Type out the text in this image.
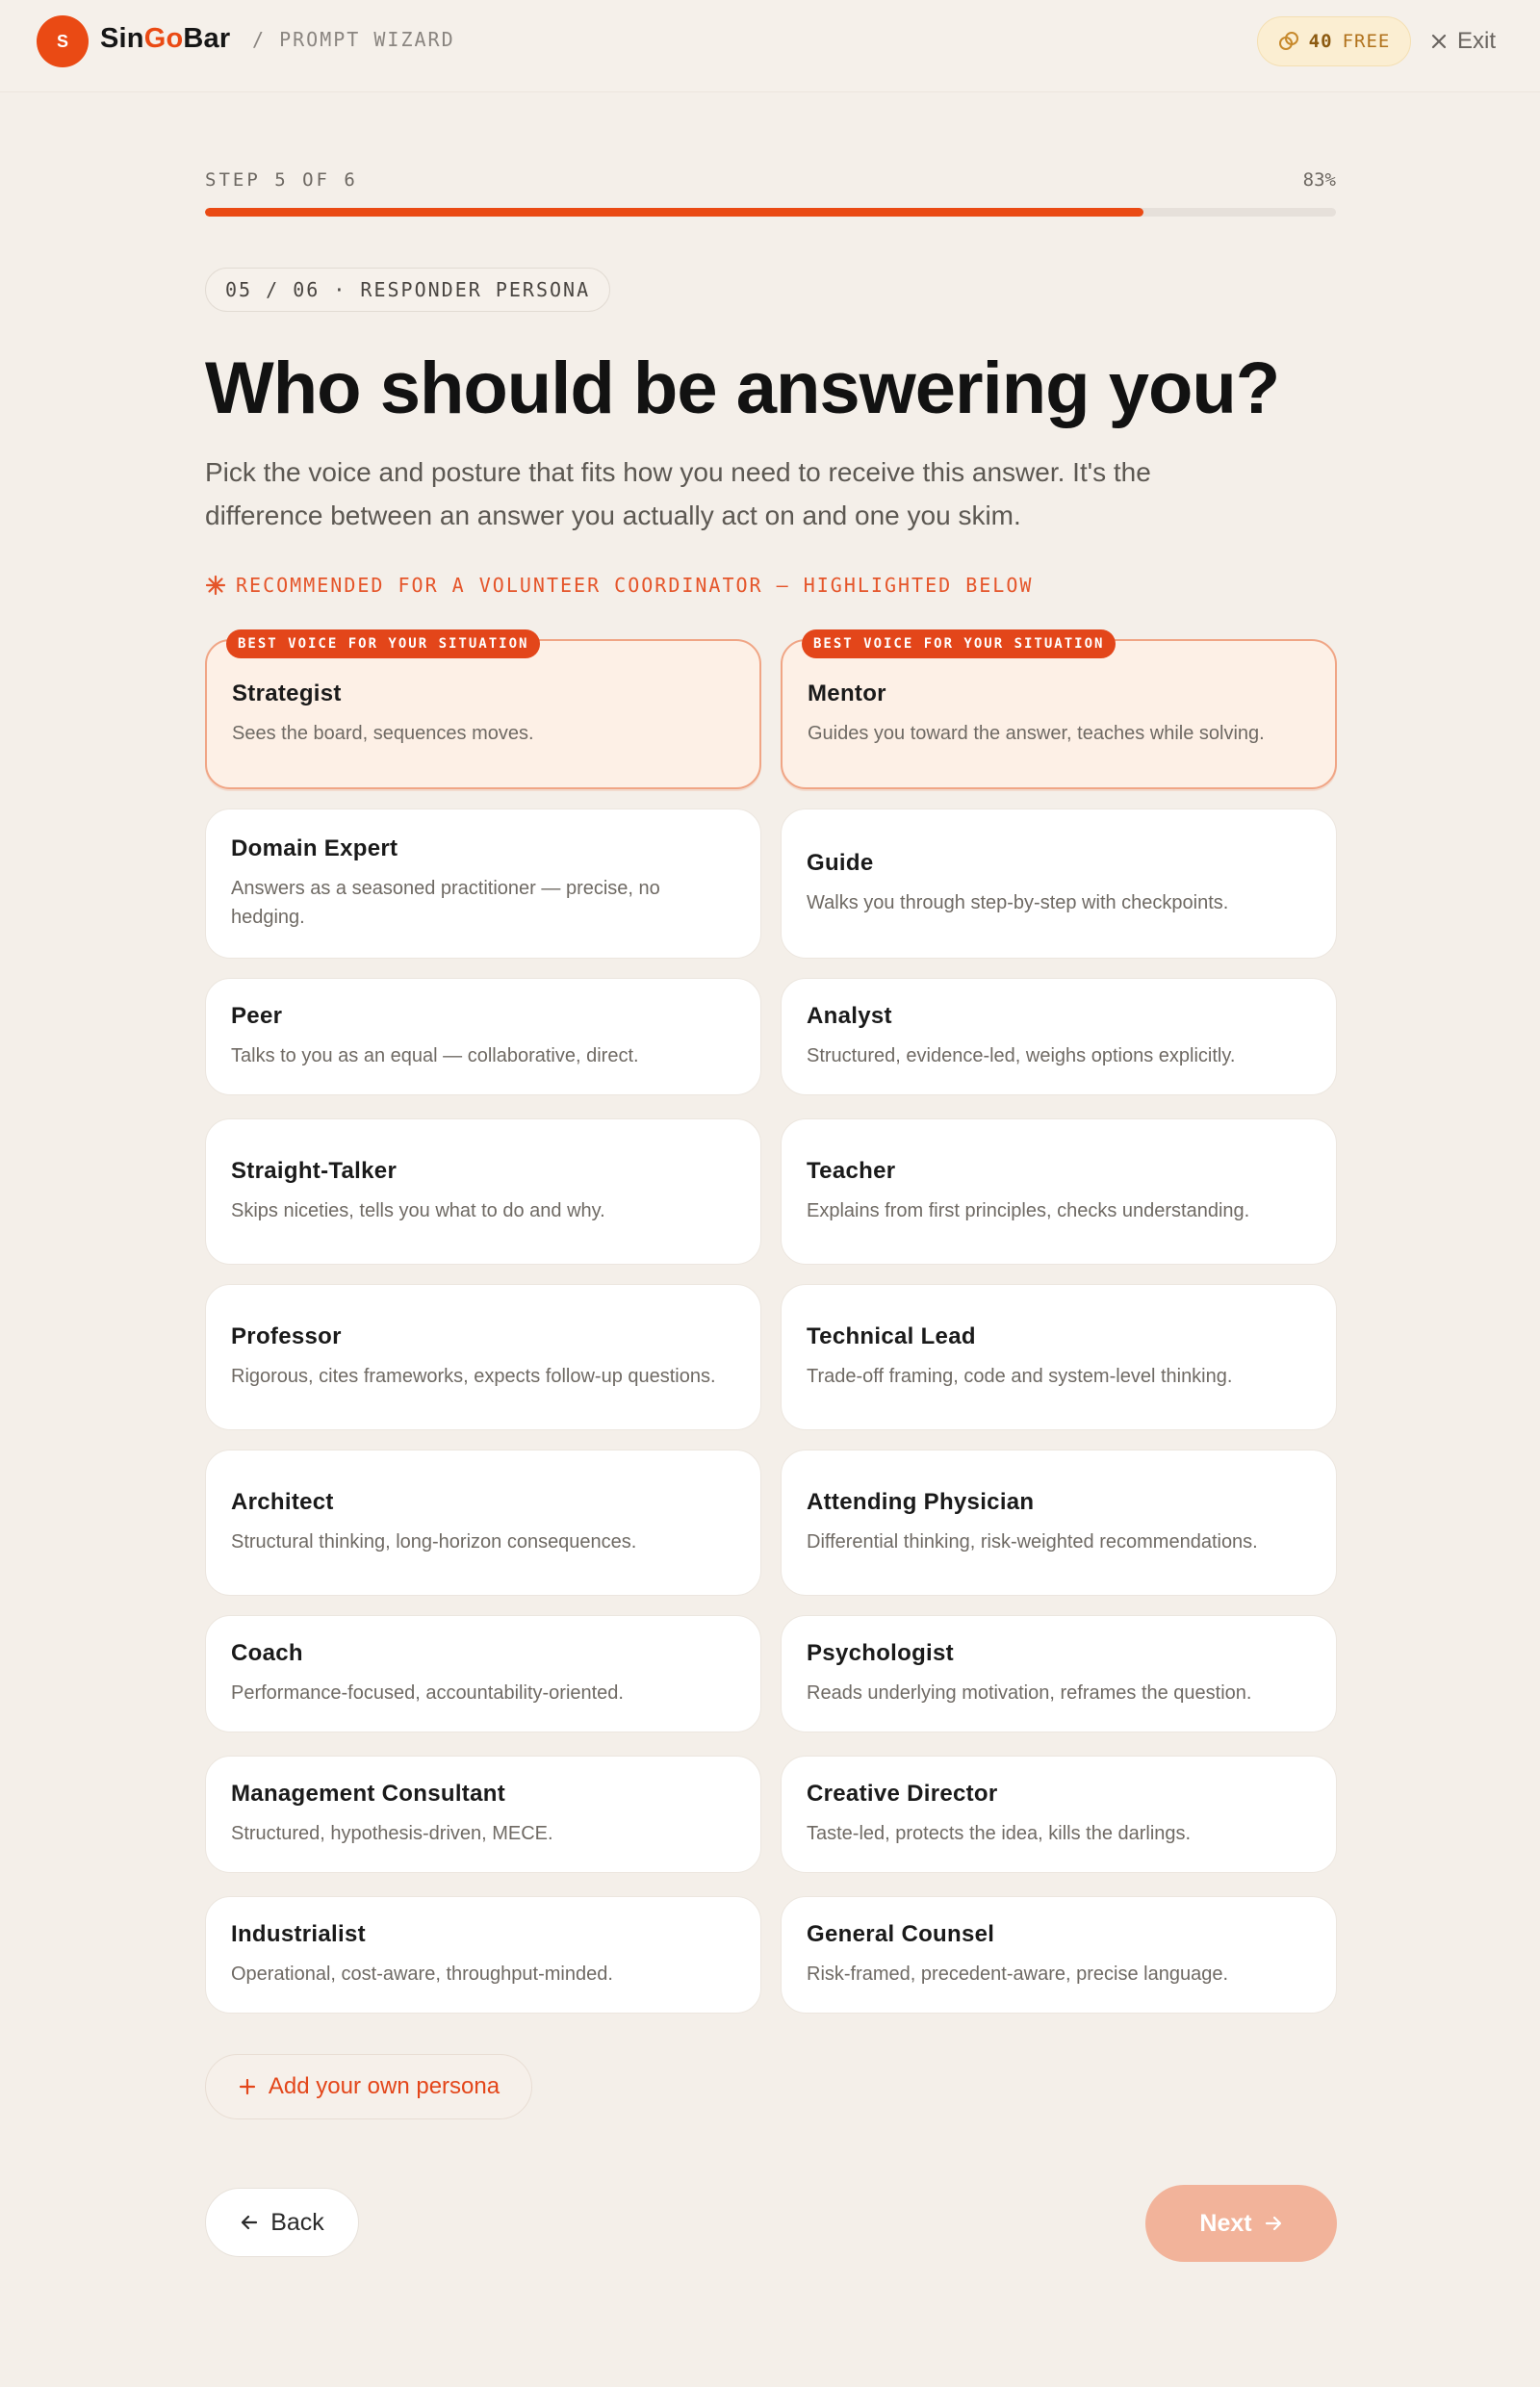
S SinGoBar / PROMPT WIZARD	40 FREE	Exit
STEP 5 OF 6	83%
05 / 06 · RESPONDER PERSONA
Who should be answering you?

Pick the voice and posture that fits how you need to receive this answer. It's the difference between an answer you actually act on and one you skim.

RECOMMENDED FOR A VOLUNTEER COORDINATOR — HIGHLIGHTED BELOW
BEST VOICE FOR YOUR SITUATION
Strategist
Sees the board, sequences moves.
BEST VOICE FOR YOUR SITUATION
Mentor
Guides you toward the answer, teaches while solving.
Domain Expert
Answers as a seasoned practitioner — precise, no hedging.
Guide
Walks you through step-by-step with checkpoints.
Peer
Talks to you as an equal — collaborative, direct.
Analyst
Structured, evidence-led, weighs options explicitly.
Straight-Talker
Skips niceties, tells you what to do and why.
Teacher
Explains from first principles, checks understanding.
Professor
Rigorous, cites frameworks, expects follow-up questions.
Technical Lead
Trade-off framing, code and system-level thinking.
Architect
Structural thinking, long-horizon consequences.
Attending Physician
Differential thinking, risk-weighted recommendations.
Coach
Performance-focused, accountability-oriented.
Psychologist
Reads underlying motivation, reframes the question.
Management Consultant
Structured, hypothesis-driven, MECE.
Creative Director
Taste-led, protects the idea, kills the darlings.
Industrialist
Operational, cost-aware, throughput-minded.
General Counsel
Risk-framed, precedent-aware, precise language.
Add your own persona
Back	Next
